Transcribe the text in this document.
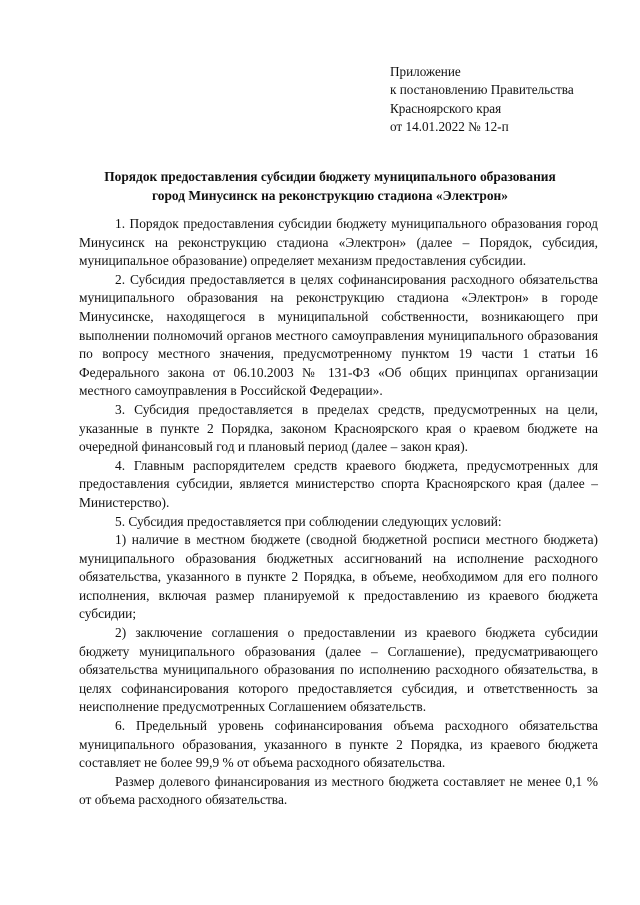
Приложение
к постановлению Правительства
Красноярского края
от 14.01.2022 № 12-п
Порядок предоставления субсидии бюджету муниципального образования
город Минусинск на реконструкцию стадиона «Электрон»

1. Порядок предоставления субсидии бюджету муниципального образования город Минусинск на реконструкцию стадиона «Электрон» (далее – Порядок, субсидия, муниципальное образование) определяет механизм предоставления субсидии.

2. Субсидия предоставляется в целях софинансирования расходного обязательства муниципального образования на реконструкцию стадиона «Электрон» в городе Минусинске, находящегося в муниципальной собственности, возникающего при выполнении полномочий органов местного самоуправления муниципального образования по вопросу местного значения, предусмотренному пунктом 19 части 1 статьи 16 Федерального закона от 06.10.2003 № 131-ФЗ «Об общих принципах организации местного самоуправления в Российской Федерации».

3. Субсидия предоставляется в пределах средств, предусмотренных на цели, указанные в пункте 2 Порядка, законом Красноярского края о краевом бюджете на очередной финансовый год и плановый период (далее – закон края).

4. Главным распорядителем средств краевого бюджета, предусмотренных для предоставления субсидии, является министерство спорта Красноярского края (далее – Министерство).

5. Субсидия предоставляется при соблюдении следующих условий:

1) наличие в местном бюджете (сводной бюджетной росписи местного бюджета) муниципального образования бюджетных ассигнований на исполнение расходного обязательства, указанного в пункте 2 Порядка, в объеме, необходимом для его полного исполнения, включая размер планируемой к предоставлению из краевого бюджета субсидии;

2) заключение соглашения о предоставлении из краевого бюджета субсидии бюджету муниципального образования (далее – Соглашение), предусматривающего обязательства муниципального образования по исполнению расходного обязательства, в целях софинансирования которого предоставляется субсидия, и ответственность за неисполнение предусмотренных Соглашением обязательств.

6. Предельный уровень софинансирования объема расходного обязательства муниципального образования, указанного в пункте 2 Порядка, из краевого бюджета составляет не более 99,9 % от объема расходного обязательства.

Размер долевого финансирования из местного бюджета составляет не менее 0,1 % от объема расходного обязательства.
